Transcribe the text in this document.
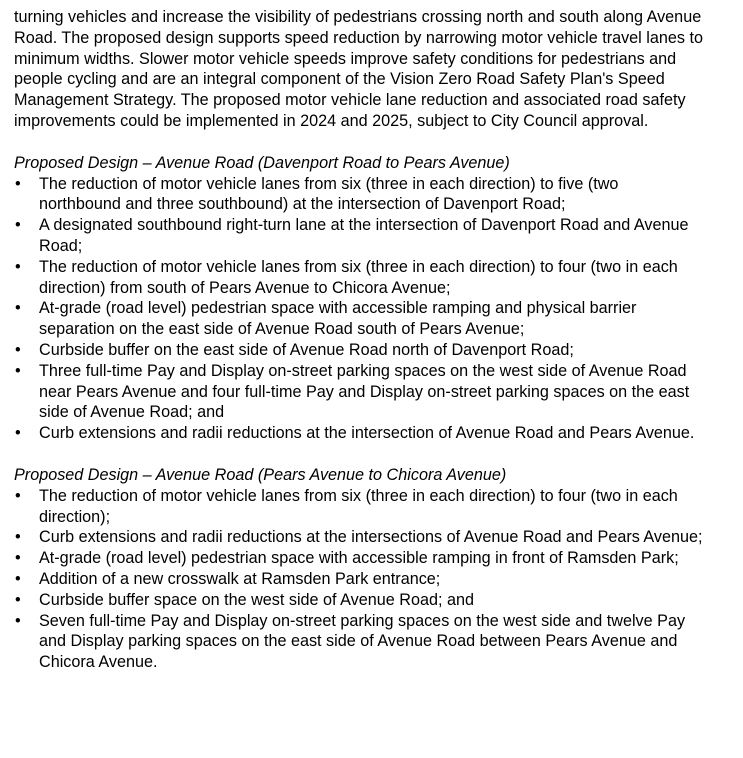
turning vehicles and increase the visibility of pedestrians crossing north and south along Avenue Road. The proposed design supports speed reduction by narrowing motor vehicle travel lanes to minimum widths. Slower motor vehicle speeds improve safety conditions for pedestrians and people cycling and are an integral component of the Vision Zero Road Safety Plan's Speed Management Strategy. The proposed motor vehicle lane reduction and associated road safety improvements could be implemented in 2024 and 2025, subject to City Council approval.

Proposed Design – Avenue Road (Davenport Road to Pears Avenue)

• The reduction of motor vehicle lanes from six (three in each direction) to five (two northbound and three southbound) at the intersection of Davenport Road;
• A designated southbound right-turn lane at the intersection of Davenport Road and Avenue Road;
• The reduction of motor vehicle lanes from six (three in each direction) to four (two in each direction) from south of Pears Avenue to Chicora Avenue;
• At-grade (road level) pedestrian space with accessible ramping and physical barrier separation on the east side of Avenue Road south of Pears Avenue;
• Curbside buffer on the east side of Avenue Road north of Davenport Road;
• Three full-time Pay and Display on-street parking spaces on the west side of Avenue Road near Pears Avenue and four full-time Pay and Display on-street parking spaces on the east side of Avenue Road; and
• Curb extensions and radii reductions at the intersection of Avenue Road and Pears Avenue.

Proposed Design – Avenue Road (Pears Avenue to Chicora Avenue)

• The reduction of motor vehicle lanes from six (three in each direction) to four (two in each direction);
• Curb extensions and radii reductions at the intersections of Avenue Road and Pears Avenue;
• At-grade (road level) pedestrian space with accessible ramping in front of Ramsden Park;
• Addition of a new crosswalk at Ramsden Park entrance;
• Curbside buffer space on the west side of Avenue Road; and
• Seven full-time Pay and Display on-street parking spaces on the west side and twelve Pay and Display parking spaces on the east side of Avenue Road between Pears Avenue and Chicora Avenue.
